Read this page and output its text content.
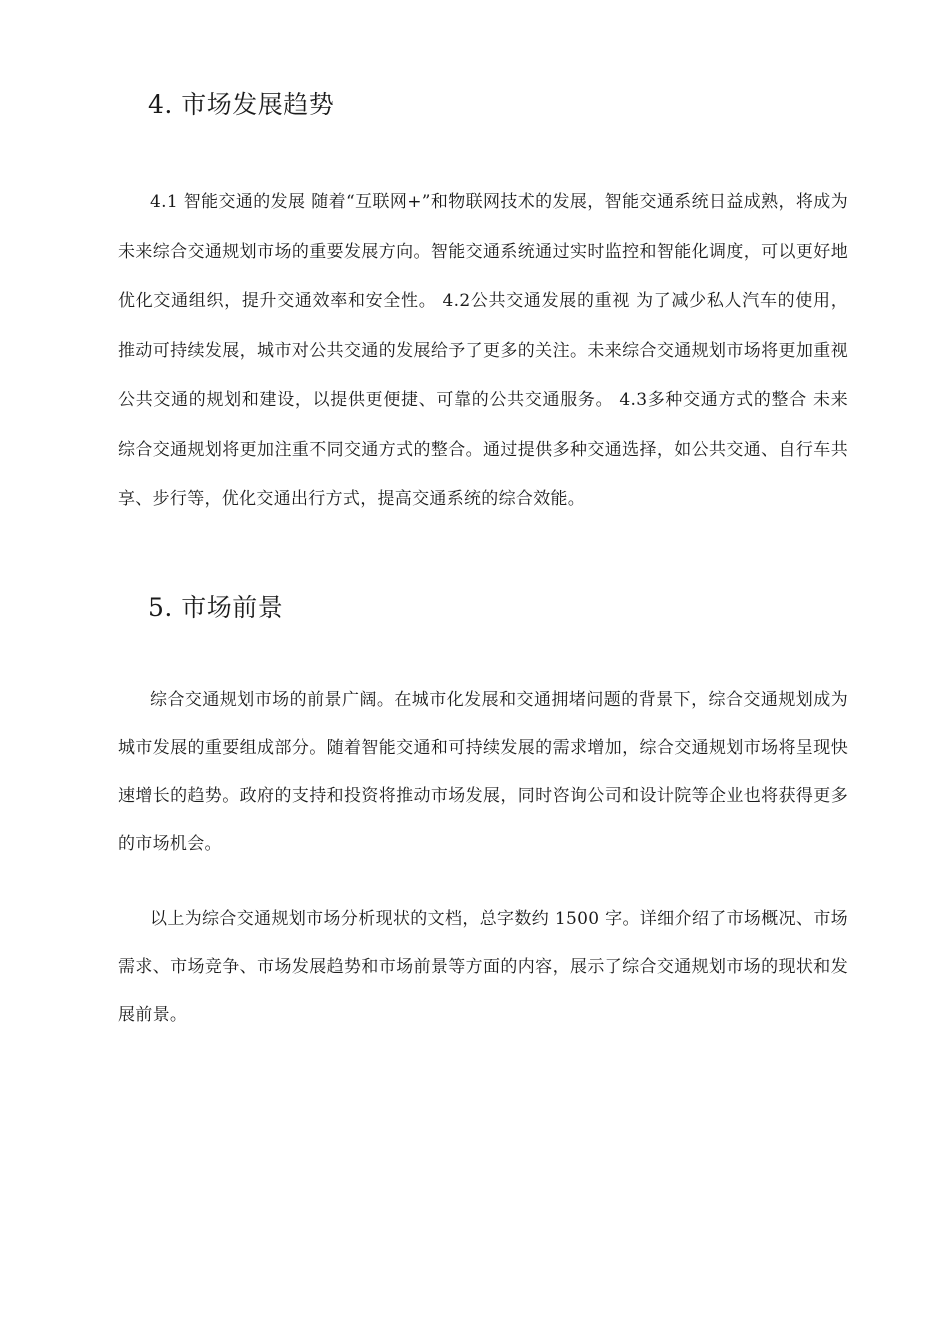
4. 市场发展趋势

4.1 智能交通的发展 随着“互联网+”和物联网技术的发展，智能交通系统日益成熟，将成为未来综合交通规划市场的重要发展方向。智能交通系统通过实时监控和智能化调度，可以更好地优化交通组织，提升交通效率和安全性。 4.2公共交通发展的重视 为了减少私人汽车的使用，推动可持续发展，城市对公共交通的发展给予了更多的关注。未来综合交通规划市场将更加重视公共交通的规划和建设，以提供更便捷、可靠的公共交通服务。 4.3多种交通方式的整合 未来综合交通规划将更加注重不同交通方式的整合。通过提供多种交通选择，如公共交通、自行车共享、步行等，优化交通出行方式，提高交通系统的综合效能。

5. 市场前景

综合交通规划市场的前景广阔。在城市化发展和交通拥堵问题的背景下，综合交通规划成为城市发展的重要组成部分。随着智能交通和可持续发展的需求增加，综合交通规划市场将呈现快速增长的趋势。政府的支持和投资将推动市场发展，同时咨询公司和设计院等企业也将获得更多的市场机会。

以上为综合交通规划市场分析现状的文档，总字数约 1500 字。详细介绍了市场概况、市场需求、市场竞争、市场发展趋势和市场前景等方面的内容，展示了综合交通规划市场的现状和发展前景。
